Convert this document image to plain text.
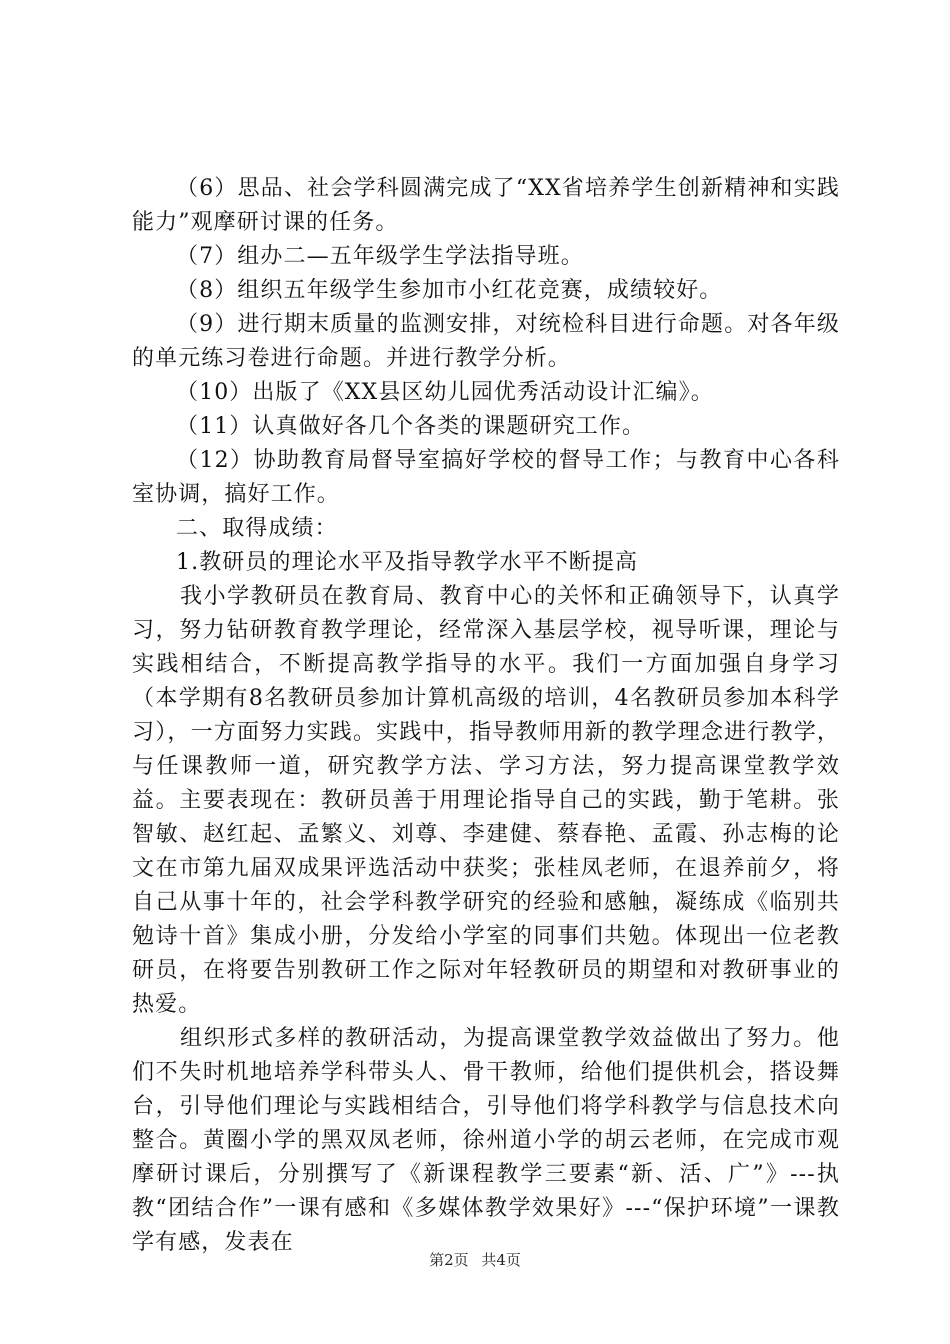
（6）思品、社会学科圆满完成了“XX省培养学生创新精神和实践能力”观摩研讨课的任务。

（7）组办二—五年级学生学法指导班。

（8）组织五年级学生参加市小红花竞赛，成绩较好。

（9）进行期末质量的监测安排，对统检科目进行命题。对各年级的单元练习卷进行命题。并进行教学分析。

（10）出版了《XX县区幼儿园优秀活动设计汇编》。

（11）认真做好各几个各类的课题研究工作。

（12）协助教育局督导室搞好学校的督导工作；与教育中心各科室协调，搞好工作。

二、取得成绩：

1.教研员的理论水平及指导教学水平不断提高

我小学教研员在教育局、教育中心的关怀和正确领导下，认真学习，努力钻研教育教学理论，经常深入基层学校，视导听课，理论与实践相结合，不断提高教学指导的水平。我们一方面加强自身学习（本学期有8名教研员参加计算机高级的培训，4名教研员参加本科学习），一方面努力实践。实践中，指导教师用新的教学理念进行教学，与任课教师一道，研究教学方法、学习方法，努力提高课堂教学效益。主要表现在：教研员善于用理论指导自己的实践，勤于笔耕。张智敏、赵红起、孟繁义、刘尊、李建健、蔡春艳、孟霞、孙志梅的论文在市第九届双成果评选活动中获奖；张桂凤老师，在退养前夕，将自己从事十年的，社会学科教学研究的经验和感触，凝练成《临别共勉诗十首》集成小册，分发给小学室的同事们共勉。体现出一位老教研员，在将要告别教研工作之际对年轻教研员的期望和对教研事业的热爱。

组织形式多样的教研活动，为提高课堂教学效益做出了努力。他们不失时机地培养学科带头人、骨干教师，给他们提供机会，搭设舞台，引导他们理论与实践相结合，引导他们将学科教学与信息技术向整合。黄圈小学的黑双凤老师，徐州道小学的胡云老师，在完成市观摩研讨课后，分别撰写了《新课程教学三要素“新、活、广”》---执教“团结合作”一课有感和《多媒体教学效果好》---“保护环境”一课教学有感，发表在

第2页 共4页
